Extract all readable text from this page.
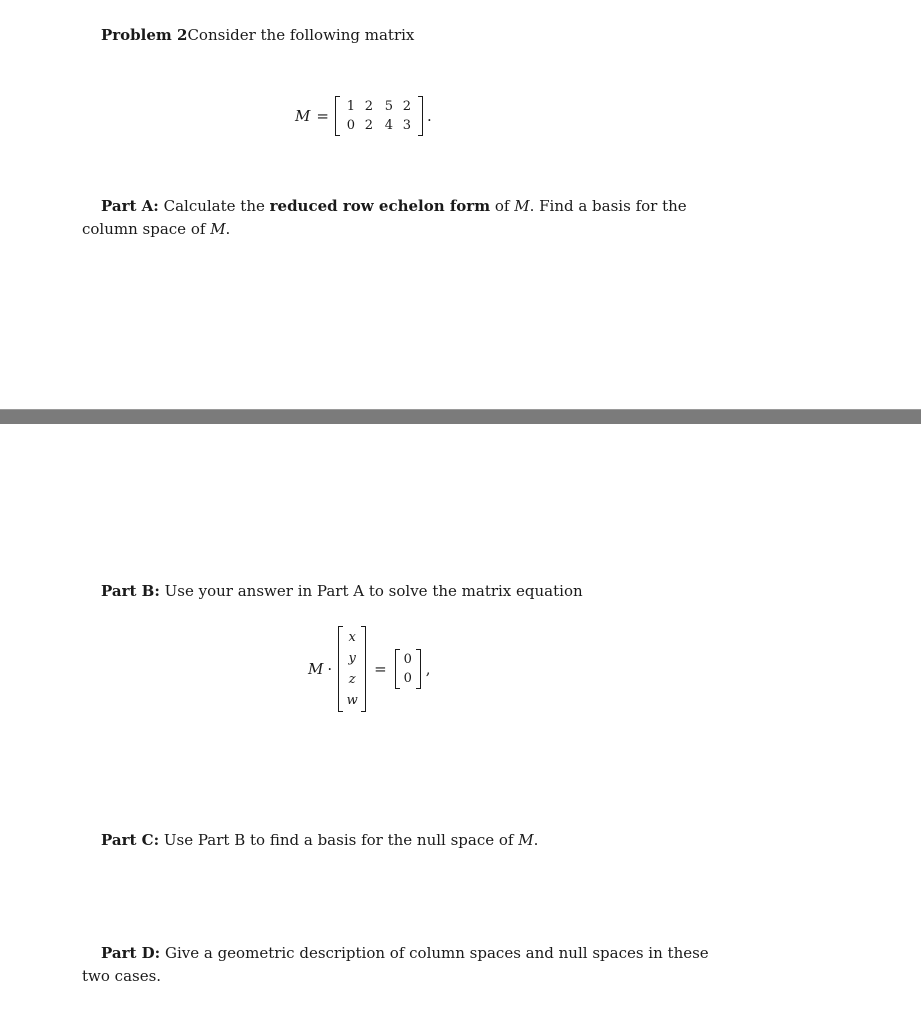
Problem 2Consider the following matrix
M =
1 2 5 2
0 2 4 3
.
Part A: Calculate the reduced row echelon form of M. Find a basis for the
column space of M.
Part B: Use your answer in Part A to solve the matrix equation
M ·
x
y
z
w
=
0
0
,
Part C: Use Part B to find a basis for the null space of M.
Part D: Give a geometric description of column spaces and null spaces in these
two cases.
